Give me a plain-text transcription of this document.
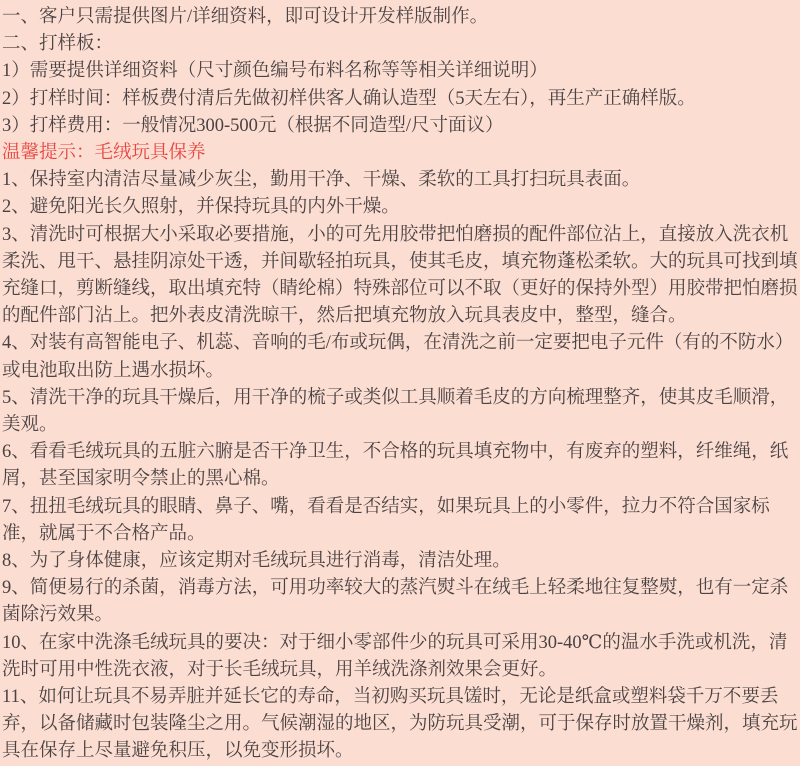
一、客户只需提供图片/详细资料，即可设计开发样版制作。

二、打样板：

1）需要提供详细资料（尺寸颜色编号布料名称等等相关详细说明）

2）打样时间：样板费付清后先做初样供客人确认造型（5天左右），再生产正确样版。

3）打样费用：一般情况300-500元（根据不同造型/尺寸面议）

温馨提示：毛绒玩具保养

1、保持室内清洁尽量减少灰尘，勤用干净、干燥、柔软的工具打扫玩具表面。

2、避免阳光长久照射，并保持玩具的内外干燥。

3、清洗时可根据大小采取必要措施，小的可先用胶带把怕磨损的配件部位沾上，直接放入洗衣机柔洗、甩干、悬挂阴凉处干透，并间歇轻拍玩具，使其毛皮，填充物蓬松柔软。大的玩具可找到填充缝口，剪断缝线，取出填充特（睛纶棉）特殊部位可以不取（更好的保持外型）用胶带把怕磨损的配件部门沾上。把外表皮清洗晾干，然后把填充物放入玩具表皮中，整型，缝合。

4、对装有高智能电子、机蕊、音响的毛/布或玩偶，在清洗之前一定要把电子元件（有的不防水）或电池取出防上遇水损坏。

5、清洗干净的玩具干燥后，用干净的梳子或类似工具顺着毛皮的方向梳理整齐，使其皮毛顺滑，美观。

6、看看毛绒玩具的五脏六腑是否干净卫生，不合格的玩具填充物中，有废弃的塑料，纤维绳，纸屑，甚至国家明令禁止的黑心棉。

7、扭扭毛绒玩具的眼睛、鼻子、嘴，看看是否结实，如果玩具上的小零件，拉力不符合国家标准，就属于不合格产品。

8、为了身体健康，应该定期对毛绒玩具进行消毒，清洁处理。

9、简便易行的杀菌，消毒方法，可用功率较大的蒸汽熨斗在绒毛上轻柔地往复整熨，也有一定杀菌除污效果。

10、在家中洗涤毛绒玩具的要决：对于细小零部件少的玩具可采用30-40℃的温水手洗或机洗，清洗时可用中性洗衣液，对于长毛绒玩具，用羊绒洗涤剂效果会更好。

11、如何让玩具不易弄脏并延长它的寿命，当初购买玩具馐时，无论是纸盒或塑料袋千万不要丢弃，以备储藏时包装隆尘之用。气候潮湿的地区，为防玩具受潮，可于保存时放置干燥剂，填充玩具在保存上尽量避免积压，以免变形损坏。
